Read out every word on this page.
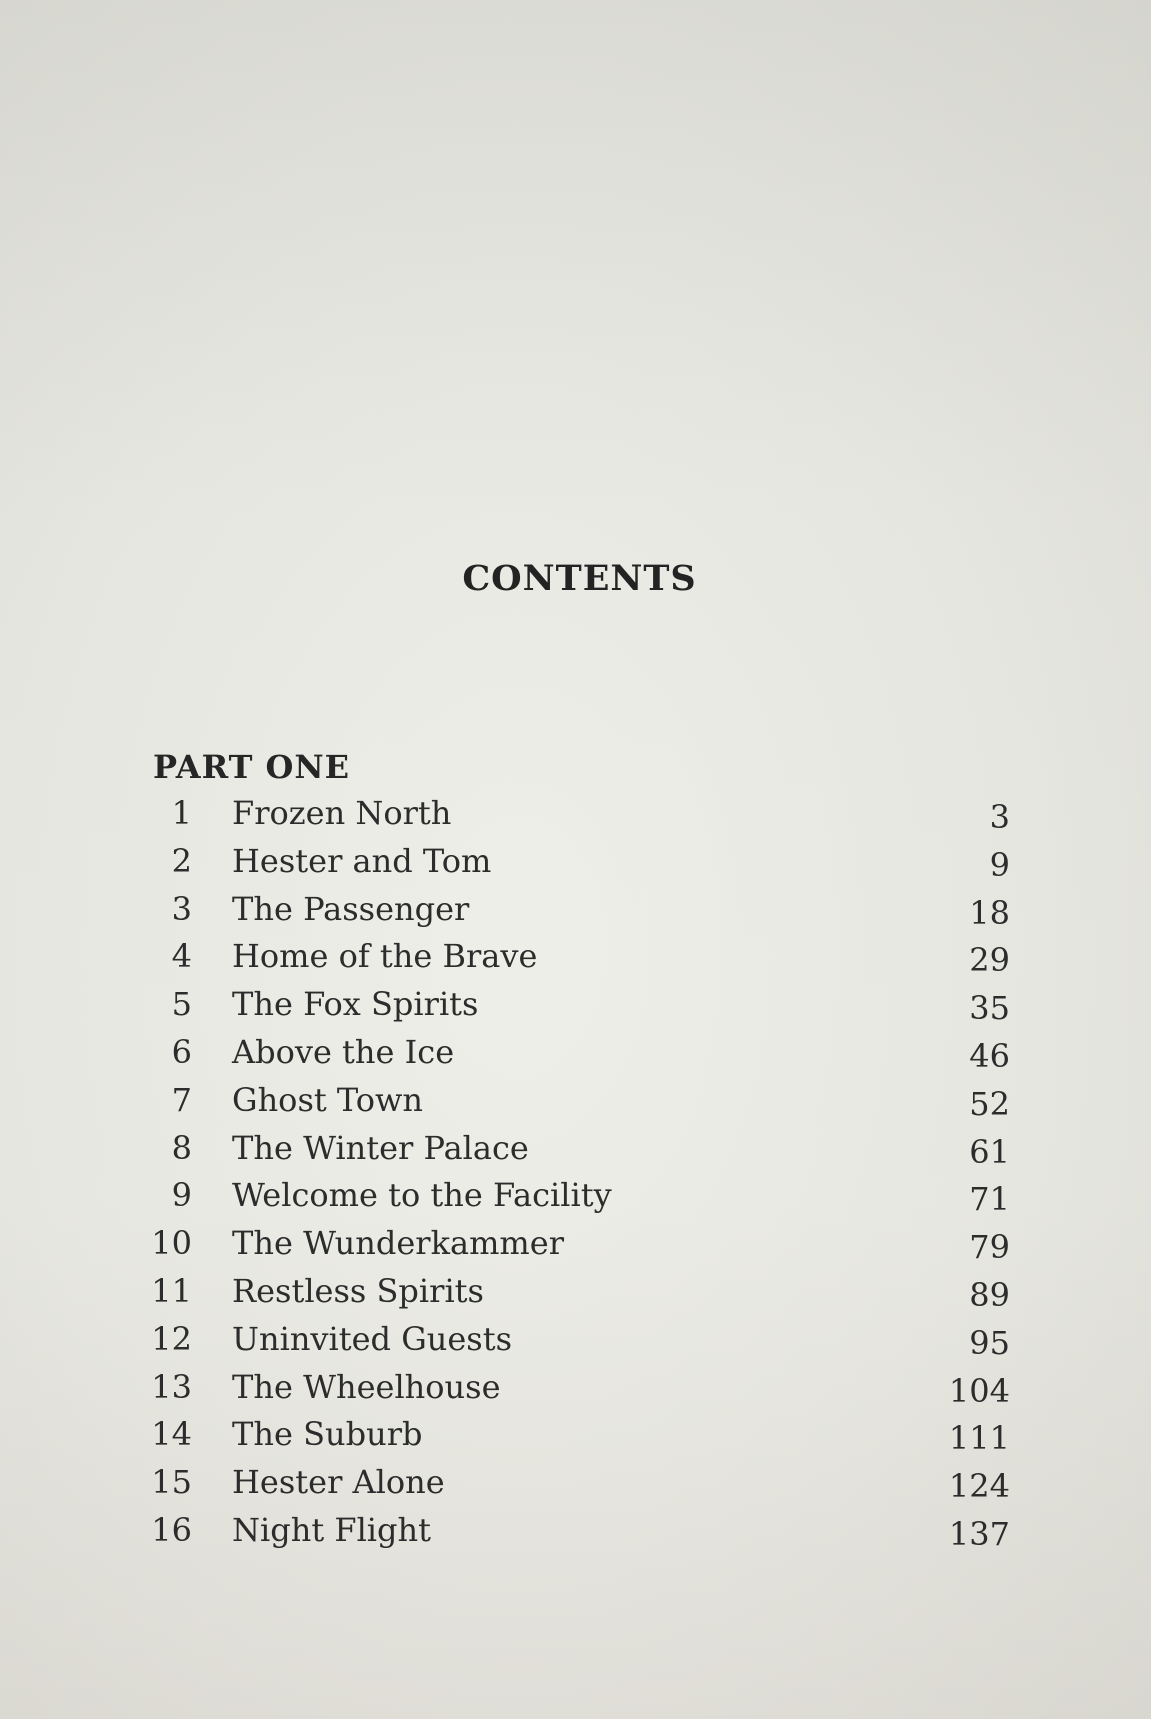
CONTENTS
PART ONE
1 Frozen North	3
2 Hester and Tom	9
3 The Passenger	18
4 Home of the Brave	29
5 The Fox Spirits	35
6 Above the Ice	46
7 Ghost Town	52
8 The Winter Palace	61
9 Welcome to the Facility	71
10 The Wunderkammer	79
11 Restless Spirits	89
12 Uninvited Guests	95
13 The Wheelhouse	104
14 The Suburb	111
15 Hester Alone	124
16 Night Flight	137
